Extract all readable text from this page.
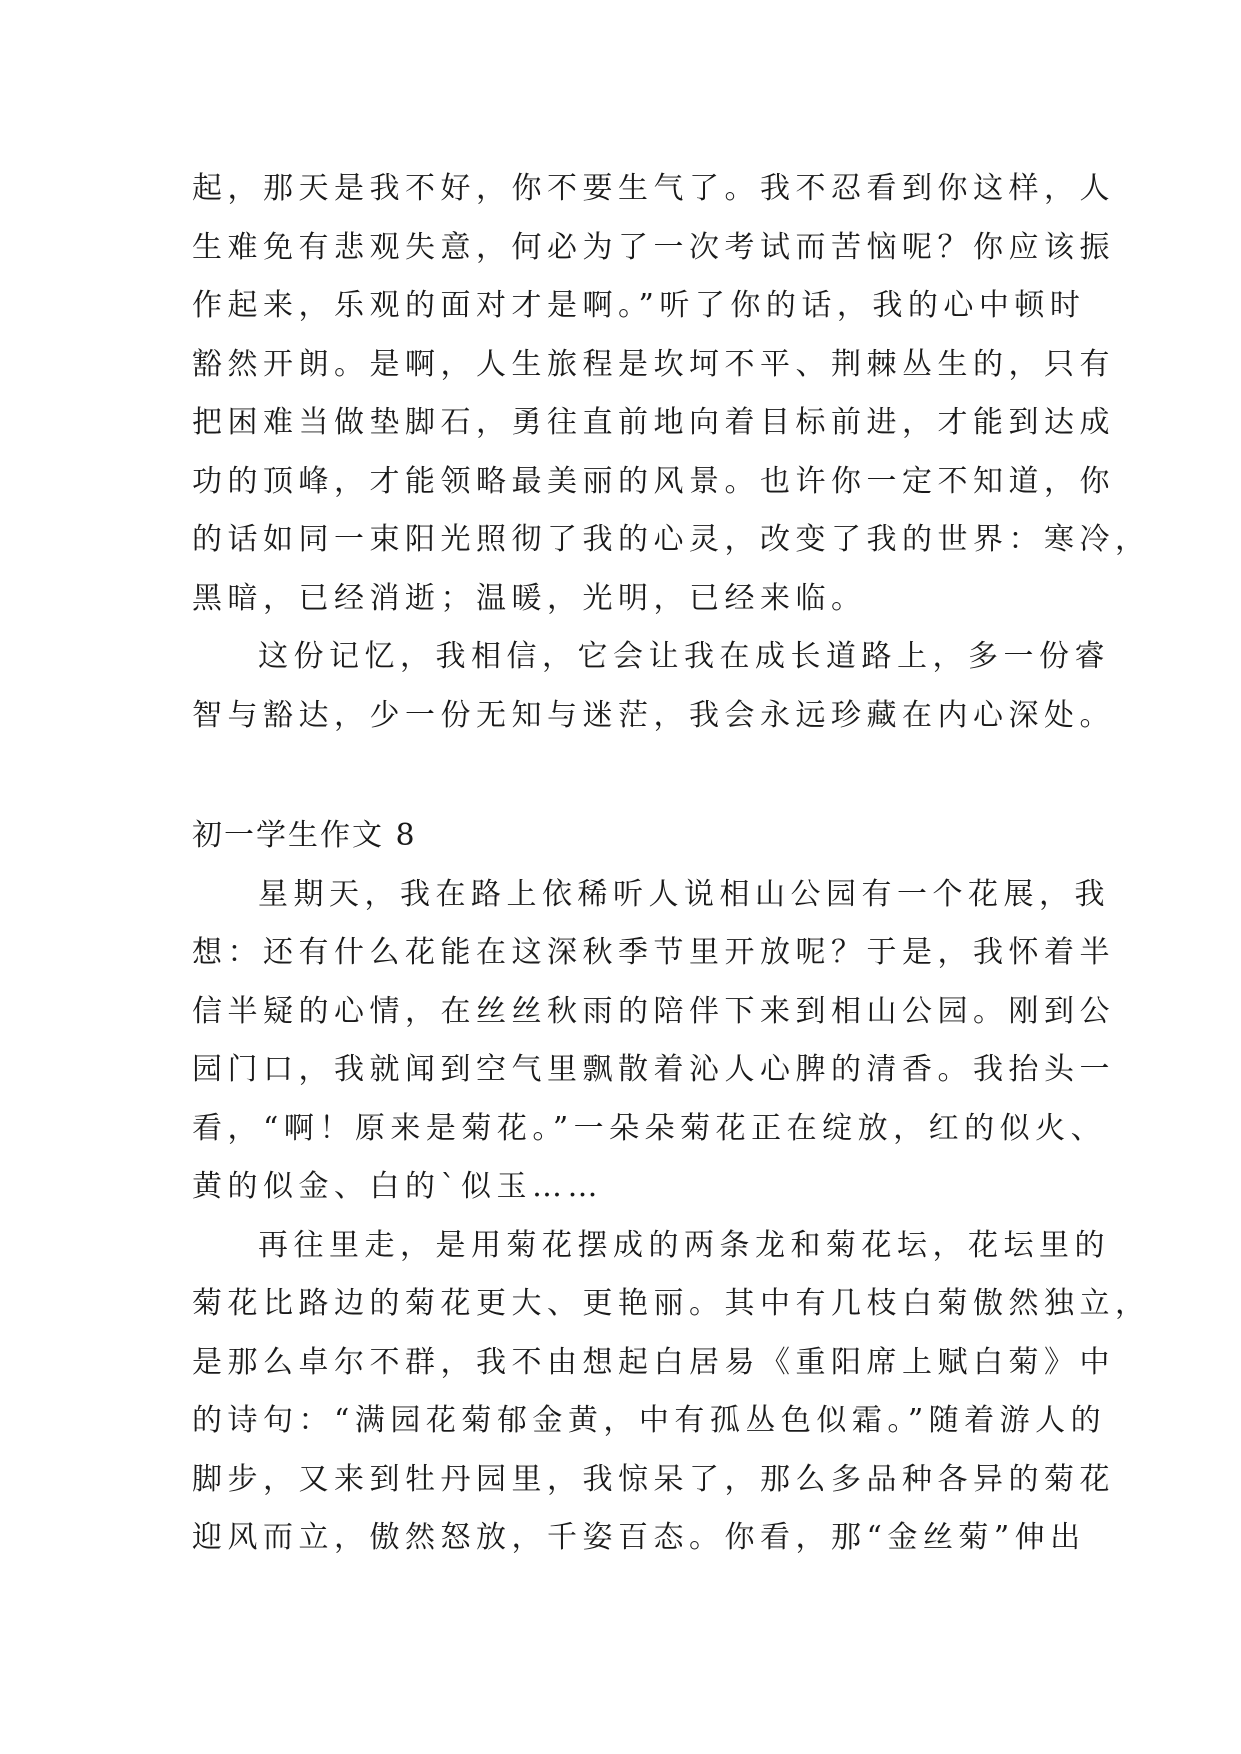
起，那天是我不好，你不要生气了。我不忍看到你这样，人
生难免有悲观失意，何必为了一次考试而苦恼呢？你应该振
作起来，乐观的面对才是啊。”听了你的话，我的心中顿时
豁然开朗。是啊，人生旅程是坎坷不平、荆棘丛生的，只有
把困难当做垫脚石，勇往直前地向着目标前进，才能到达成
功的顶峰，才能领略最美丽的风景。也许你一定不知道，你
的话如同一束阳光照彻了我的心灵，改变了我的世界：寒冷，
黑暗，已经消逝；温暖，光明，已经来临。
这份记忆，我相信，它会让我在成长道路上，多一份睿
智与豁达，少一份无知与迷茫，我会永远珍藏在内心深处。
初一学生作文 8
星期天，我在路上依稀听人说相山公园有一个花展，我
想：还有什么花能在这深秋季节里开放呢？于是，我怀着半
信半疑的心情，在丝丝秋雨的陪伴下来到相山公园。刚到公
园门口，我就闻到空气里飘散着沁人心脾的清香。我抬头一
看，“啊！原来是菊花。”一朵朵菊花正在绽放，红的似火、
黄的似金、白的`似玉……
再往里走，是用菊花摆成的两条龙和菊花坛，花坛里的
菊花比路边的菊花更大、更艳丽。其中有几枝白菊傲然独立，
是那么卓尔不群，我不由想起白居易《重阳席上赋白菊》中
的诗句：“满园花菊郁金黄，中有孤丛色似霜。”随着游人的
脚步，又来到牡丹园里，我惊呆了，那么多品种各异的菊花
迎风而立，傲然怒放，千姿百态。你看，那“金丝菊”伸出
